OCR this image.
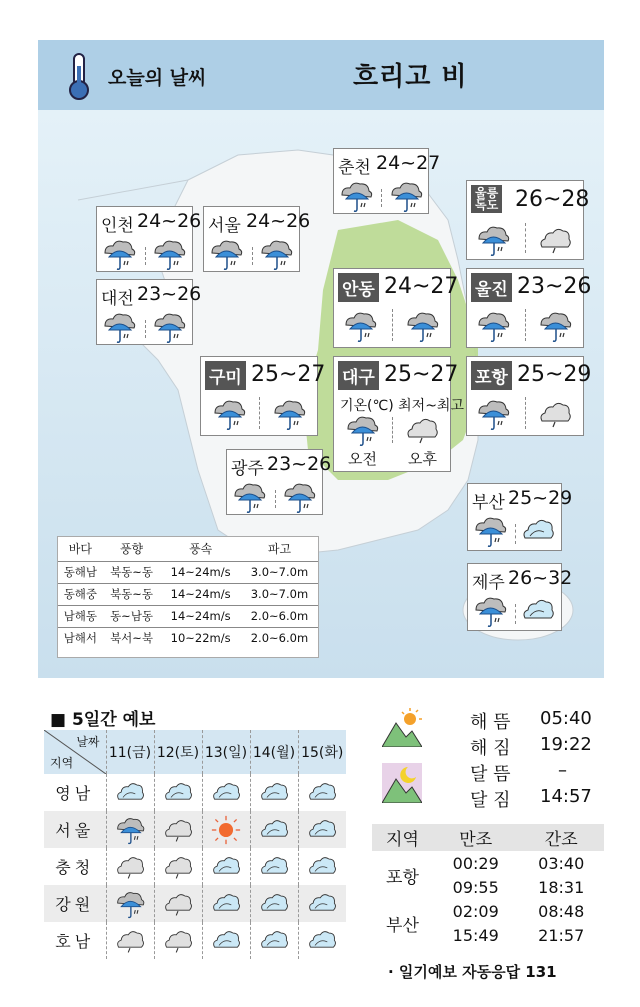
오늘의 날씨	흐리고 비
춘천 24~27
인천 24~26 서울 24~26
울릉
독도 26~28
대전 23~26	안동 24~27 울진 23~26
구미 25~27 대구 25~27
기온(℃) 최저~최고
오전 오후
포항 25~29
광주 23~26
부산 25~29
제주 26~32
바다	풍향	풍속	파고
동해남	북동~동	14~24m/s	3.0~7.0m
동해중	북동~동	14~24m/s	3.0~7.0m
남해동	동~남동	14~24m/s	2.0~6.0m
남해서	북서~북	10~22m/s	2.0~6.0m
■ 5일간 예보
날짜
지역	11(금)	12(토)	13(일)	14(월)	15(화)
영남	

서울	

충청	

강원	

호남	

해 뜸 05:40
해 짐 19:22
달 뜸	–
달 짐 14:57
지역	만조	간조
포항	00:29	03:40
	09:55	18:31
부산	02:09	08:48
	15:49	21:57
· 일기예보 자동응답 131
